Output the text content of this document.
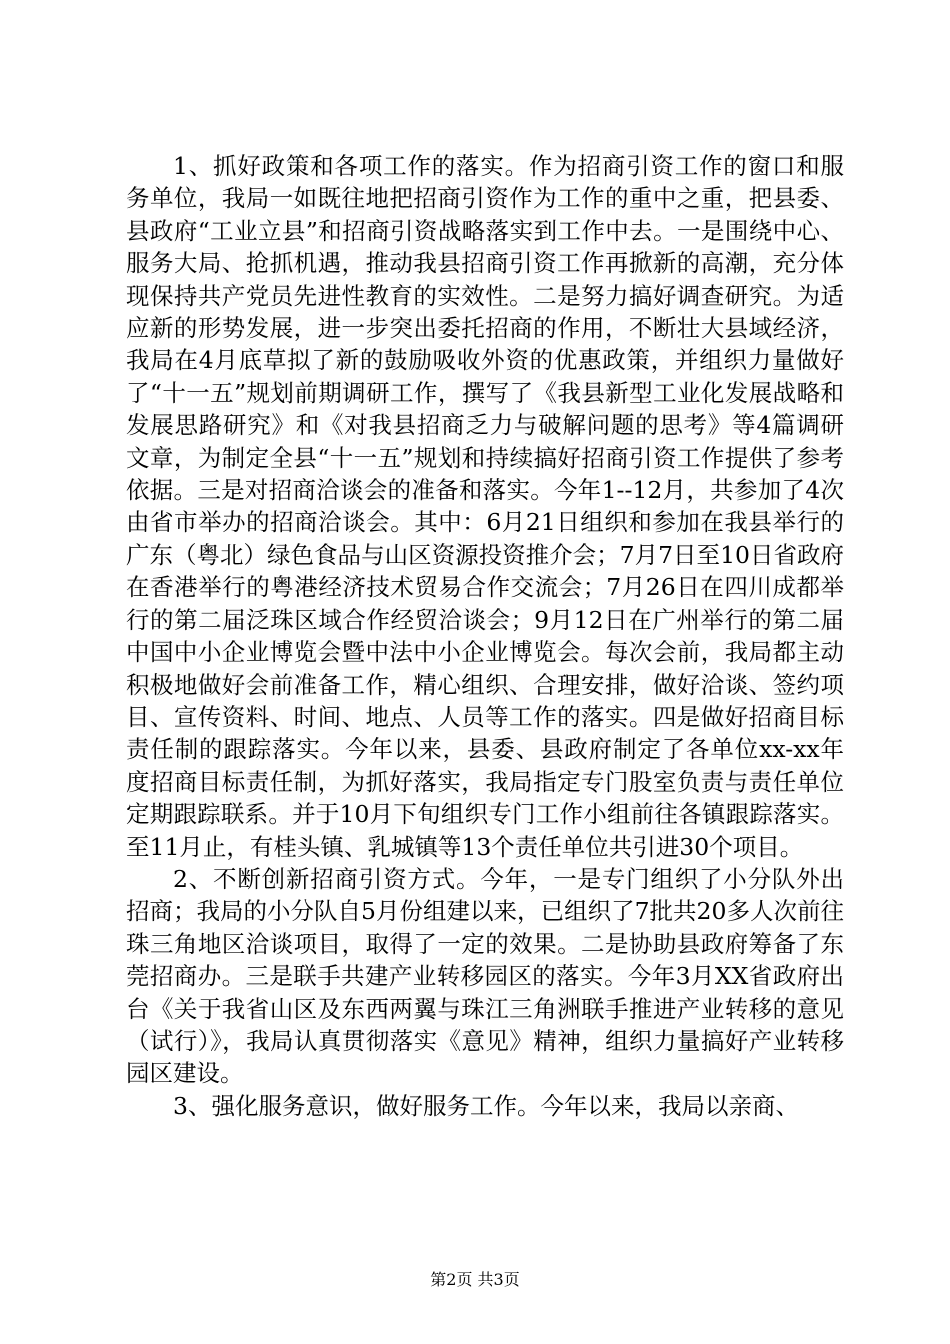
1、抓好政策和各项工作的落实。作为招商引资工作的窗口和服务单位，我局一如既往地把招商引资作为工作的重中之重，把县委、县政府“工业立县”和招商引资战略落实到工作中去。一是围绕中心、服务大局、抢抓机遇，推动我县招商引资工作再掀新的高潮，充分体现保持共产党员先进性教育的实效性。二是努力搞好调查研究。为适应新的形势发展，进一步突出委托招商的作用，不断壮大县域经济，我局在4月底草拟了新的鼓励吸收外资的优惠政策，并组织力量做好了“十一五”规划前期调研工作，撰写了《我县新型工业化发展战略和发展思路研究》和《对我县招商乏力与破解问题的思考》等4篇调研文章，为制定全县“十一五”规划和持续搞好招商引资工作提供了参考依据。三是对招商洽谈会的准备和落实。今年1--12月，共参加了4次由省市举办的招商洽谈会。其中：6月21日组织和参加在我县举行的广东（粤北）绿色食品与山区资源投资推介会；7月7日至10日省政府在香港举行的粤港经济技术贸易合作交流会；7月26日在四川成都举行的第二届泛珠区域合作经贸洽谈会；9月12日在广州举行的第二届中国中小企业博览会暨中法中小企业博览会。每次会前，我局都主动积极地做好会前准备工作，精心组织、合理安排，做好洽谈、签约项目、宣传资料、时间、地点、人员等工作的落实。四是做好招商目标责任制的跟踪落实。今年以来，县委、县政府制定了各单位xx-xx年度招商目标责任制，为抓好落实，我局指定专门股室负责与责任单位定期跟踪联系。并于10月下旬组织专门工作小组前往各镇跟踪落实。至11月止，有桂头镇、乳城镇等13个责任单位共引进30个项目。

2、不断创新招商引资方式。今年，一是专门组织了小分队外出招商；我局的小分队自5月份组建以来，已组织了7批共20多人次前往珠三角地区洽谈项目，取得了一定的效果。二是协助县政府筹备了东莞招商办。三是联手共建产业转移园区的落实。今年3月XX省政府出台《关于我省山区及东西两翼与珠江三角洲联手推进产业转移的意见（试行）》，我局认真贯彻落实《意见》精神，组织力量搞好产业转移园区建设。

3、强化服务意识，做好服务工作。今年以来，我局以亲商、

第2页 共3页
